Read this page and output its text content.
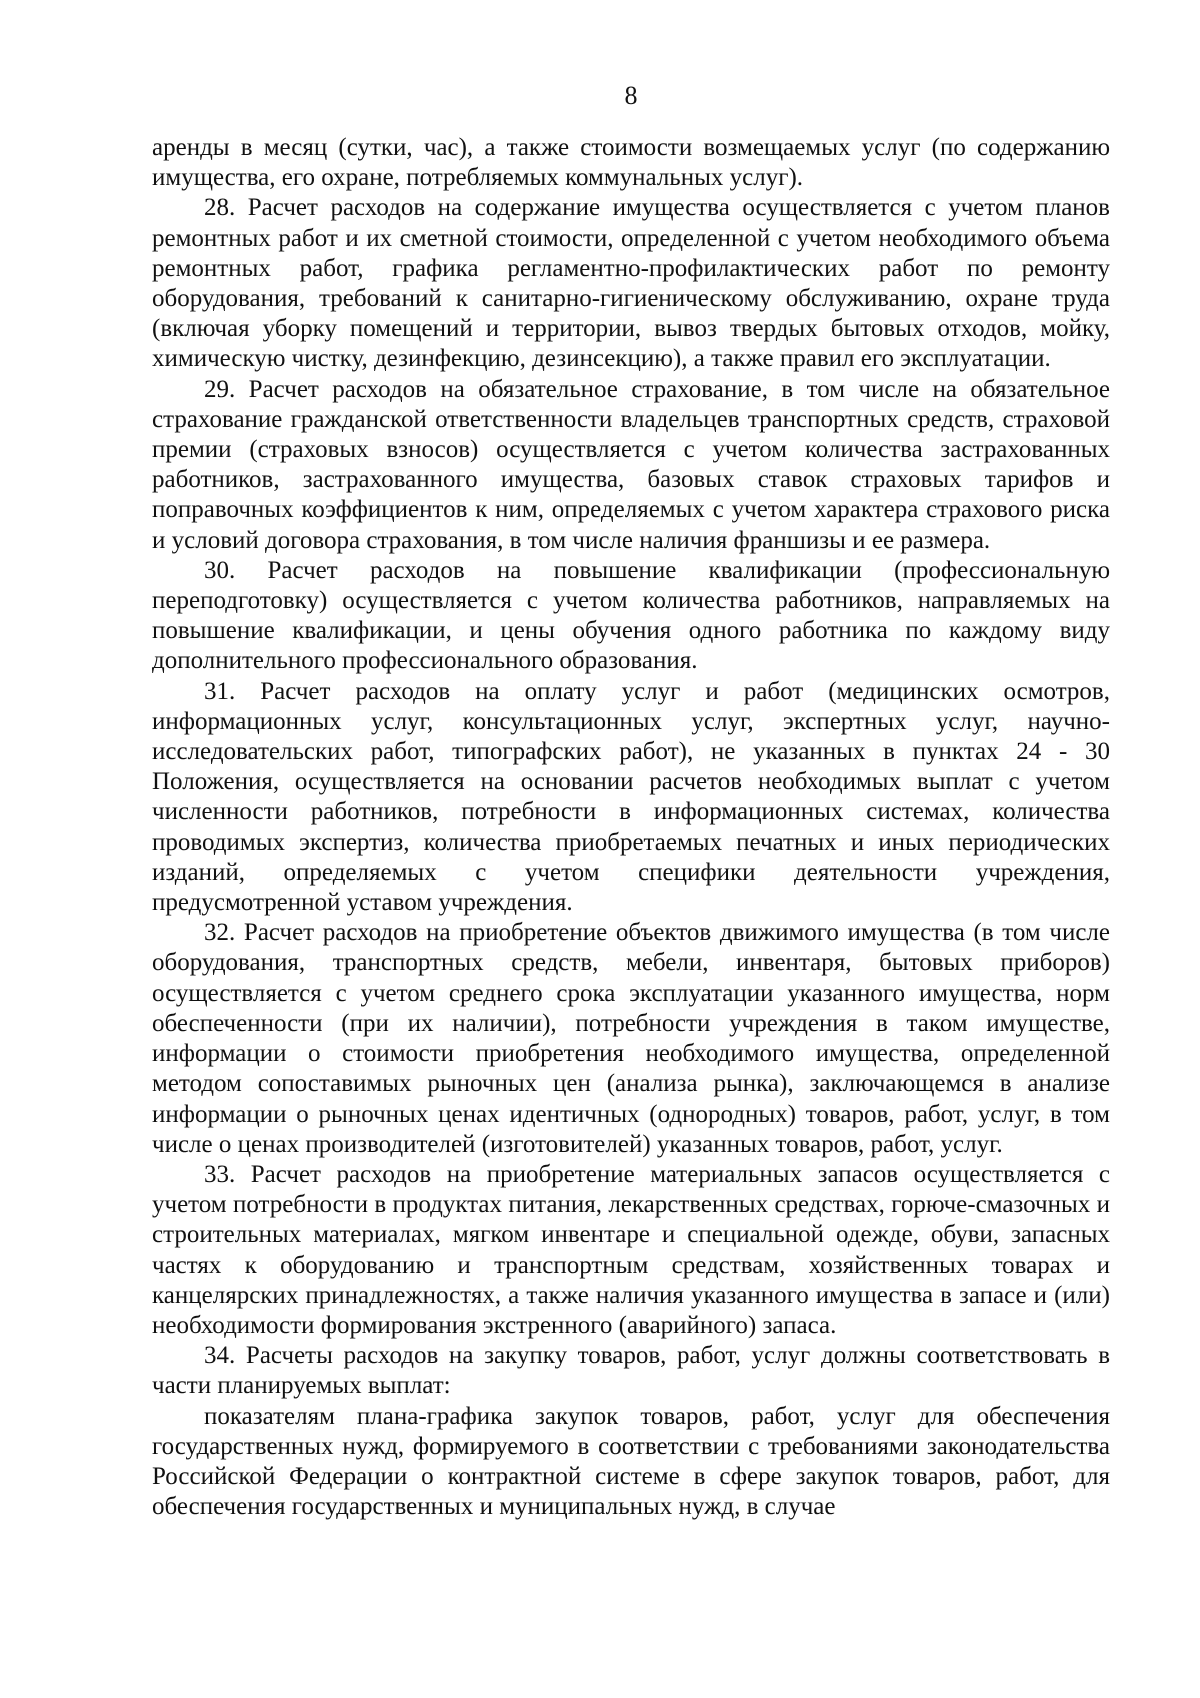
8

аренды в месяц (сутки, час), а также стоимости возмещаемых услуг (по содержанию имущества, его охране, потребляемых коммунальных услуг).

28. Расчет расходов на содержание имущества осуществляется с учетом планов ремонтных работ и их сметной стоимости, определенной с учетом необходимого объема ремонтных работ, графика регламентно-профилактических работ по ремонту оборудования, требований к санитарно-гигиеническому обслуживанию, охране труда (включая уборку помещений и территории, вывоз твердых бытовых отходов, мойку, химическую чистку, дезинфекцию, дезинсекцию), а также правил его эксплуатации.

29. Расчет расходов на обязательное страхование, в том числе на обязательное страхование гражданской ответственности владельцев транспортных средств, страховой премии (страховых взносов) осуществляется с учетом количества застрахованных работников, застрахованного имущества, базовых ставок страховых тарифов и поправочных коэффициентов к ним, определяемых с учетом характера страхового риска и условий договора страхования, в том числе наличия франшизы и ее размера.

30. Расчет расходов на повышение квалификации (профессиональную переподготовку) осуществляется с учетом количества работников, направляемых на повышение квалификации, и цены обучения одного работника по каждому виду дополнительного профессионального образования.

31. Расчет расходов на оплату услуг и работ (медицинских осмотров, информационных услуг, консультационных услуг, экспертных услуг, научно-исследовательских работ, типографских работ), не указанных в пунктах 24 - 30 Положения, осуществляется на основании расчетов необходимых выплат с учетом численности работников, потребности в информационных системах, количества проводимых экспертиз, количества приобретаемых печатных и иных периодических изданий, определяемых с учетом специфики деятельности учреждения, предусмотренной уставом учреждения.

32. Расчет расходов на приобретение объектов движимого имущества (в том числе оборудования, транспортных средств, мебели, инвентаря, бытовых приборов) осуществляется с учетом среднего срока эксплуатации указанного имущества, норм обеспеченности (при их наличии), потребности учреждения в таком имуществе, информации о стоимости приобретения необходимого имущества, определенной методом сопоставимых рыночных цен (анализа рынка), заключающемся в анализе информации о рыночных ценах идентичных (однородных) товаров, работ, услуг, в том числе о ценах производителей (изготовителей) указанных товаров, работ, услуг.

33. Расчет расходов на приобретение материальных запасов осуществляется с учетом потребности в продуктах питания, лекарственных средствах, горюче-смазочных и строительных материалах, мягком инвентаре и специальной одежде, обуви, запасных частях к оборудованию и транспортным средствам, хозяйственных товарах и канцелярских принадлежностях, а также наличия указанного имущества в запасе и (или) необходимости формирования экстренного (аварийного) запаса.

34. Расчеты расходов на закупку товаров, работ, услуг должны соответствовать в части планируемых выплат:

показателям плана-графика закупок товаров, работ, услуг для обеспечения государственных нужд, формируемого в соответствии с требованиями законодательства Российской Федерации о контрактной системе в сфере закупок товаров, работ, для обеспечения государственных и муниципальных нужд, в случае
